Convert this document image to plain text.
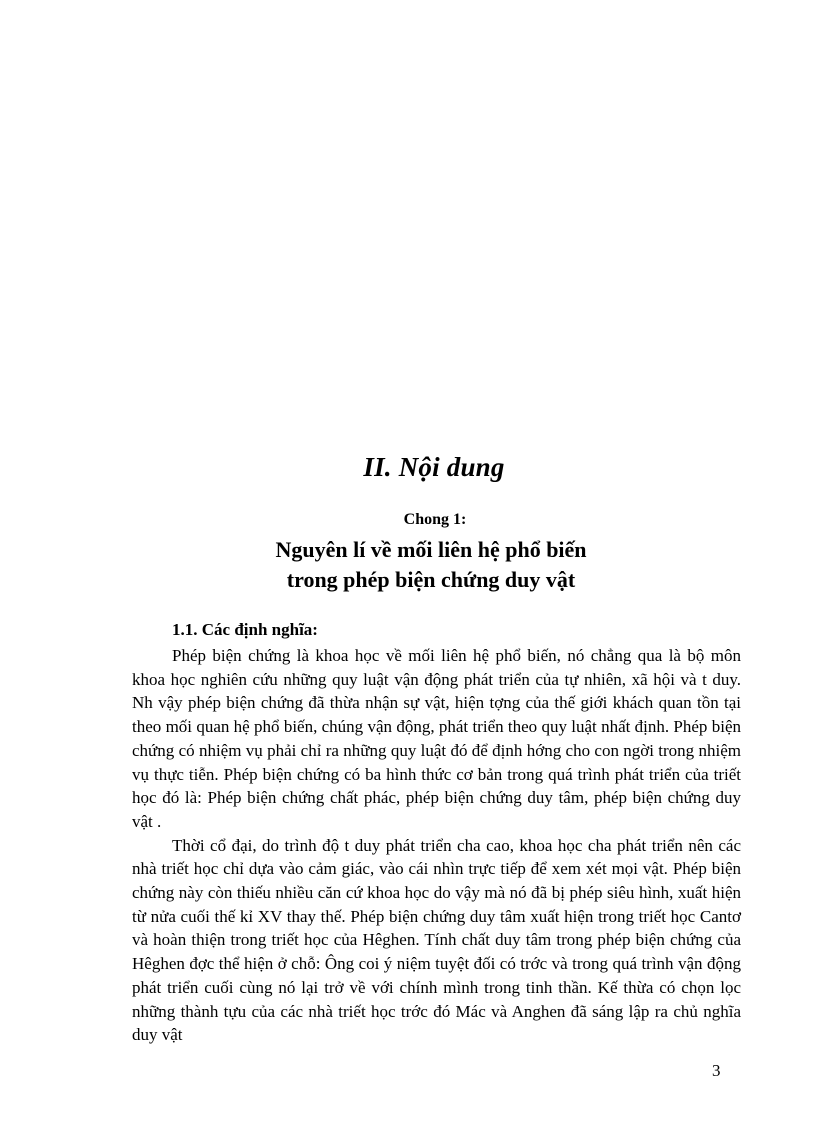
II. Nội dung
Chong 1:
Nguyên lí về mối liên hệ phổ biến
trong phép biện chứng duy vật
1.1. Các định nghĩa:

Phép biện chứng là khoa học về mối liên hệ phổ biến, nó chẳng qua là bộ môn khoa học nghiên cứu những quy luật vận động phát triển của tự nhiên, xã hội và t duy. Nh vậy phép biện chứng đã thừa nhận sự vật, hiện tợng của thế giới khách quan tồn tại theo mối quan hệ phổ biến, chúng vận động, phát triển theo quy luật nhất định. Phép biện chứng có nhiệm vụ phải chỉ ra những quy luật đó để định hớng cho con ngời trong nhiệm vụ thực tiễn. Phép biện chứng có ba hình thức cơ bản trong quá trình phát triển của triết học đó là: Phép biện chứng chất phác, phép biện chứng duy tâm, phép biện chứng duy vật .

Thời cổ đại, do trình độ t duy phát triển cha cao, khoa học cha phát triển nên các nhà triết học chỉ dựa vào cảm giác, vào cái nhìn trực tiếp để xem xét mọi vật. Phép biện chứng này còn thiếu nhiều căn cứ khoa học do vậy mà nó đã bị phép siêu hình, xuất hiện từ nửa cuối thế kỉ XV thay thế. Phép biện chứng duy tâm xuất hiện trong triết học Cantơ và hoàn thiện trong triết học của Hêghen. Tính chất duy tâm trong phép biện chứng của Hêghen đợc thể hiện ở chỗ: Ông coi ý niệm tuyệt đối có trớc và trong quá trình vận động phát triển cuối cùng nó lại trở về với chính mình trong tinh thần. Kế thừa có chọn lọc những thành tựu của các nhà triết học trớc đó Mác và Anghen đã sáng lập ra chủ nghĩa duy vật

3
